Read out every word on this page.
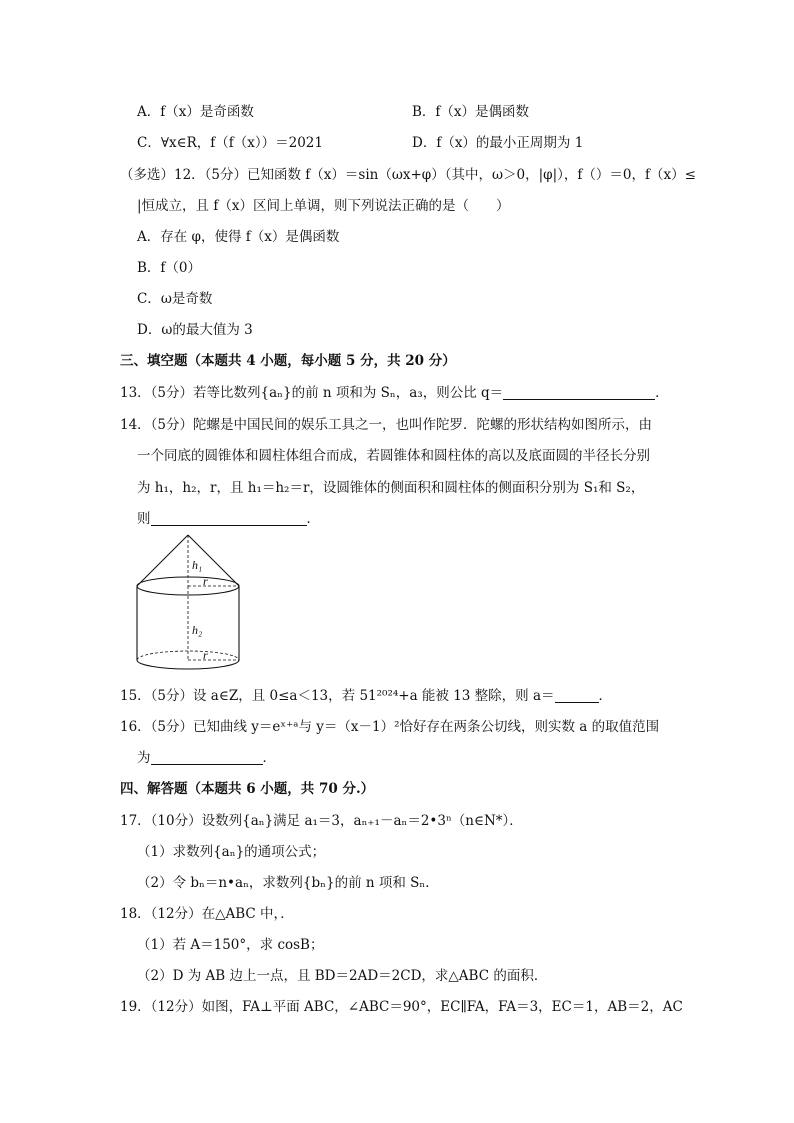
A．f（x）是奇函数	B．f（x）是偶函数
C．∀x∈R，f（f（x））＝2021	D．f（x）的最小正周期为 1
（多选）12．（5分）已知函数 f（x）＝sin（ωx+φ）（其中，ω＞0，|φ|），f（）＝0，f（x）≤
|恒成立，且 f（x）区间上单调，则下列说法正确的是（　　）
A．存在 φ，使得 f（x）是偶函数
B．f（0）
C．ω是奇数
D．ω的最大值为 3
三、填空题（本题共 4 小题，每小题 5 分，共 20 分）
13．（5分）若等比数列{aₙ}的前 n 项和为 Sₙ，a₃，则公比 q＝	．
14．（5分）陀螺是中国民间的娱乐工具之一，也叫作陀罗．陀螺的形状结构如图所示，由
一个同底的圆锥体和圆柱体组合而成，若圆锥体和圆柱体的高以及底面圆的半径长分别
为 h₁，h₂，r，且 h₁＝h₂＝r，设圆锥体的侧面积和圆柱体的侧面积分别为 S₁和 S₂，
则	．
h₁
r
h₂
r
15．（5分）设 a∈Z，且 0≤a＜13，若 51²⁰²⁴+a 能被 13 整除，则 a＝	．
16．（5分）已知曲线 y＝eˣ⁺ᵃ与 y＝（x－1）²恰好存在两条公切线，则实数 a 的取值范围
为	．
四、解答题（本题共 6 小题，共 70 分.）
17．（10分）设数列{aₙ}满足 a₁＝3，aₙ₊₁－aₙ＝2•3ⁿ（n∈N*）．
（1）求数列{aₙ}的通项公式；
（2）令 bₙ＝n•aₙ，求数列{bₙ}的前 n 项和 Sₙ．
18．（12分）在△ABC 中，．
（1）若 A＝150°，求 cosB；
（2）D 为 AB 边上一点，且 BD＝2AD＝2CD，求△ABC 的面积．
19．（12分）如图，FA⊥平面 ABC，∠ABC＝90°，EC∥FA，FA＝3，EC＝1，AB＝2，AC
